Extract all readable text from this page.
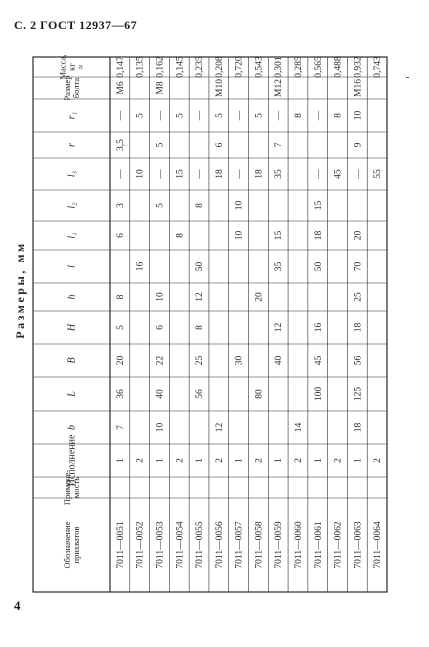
С. 2 ГОСТ 12937—67
-
4
Размеры, мм
Обозначениеприхватов
Примене-мость
Исполнение
b
L
B
H
h
l
l₁
l₂
l₃
r
r₁
Размерболта
Масса,кг≈
7011—0051
1
7
36
20
5
8
6
3
—
3,5
—
М6
0,147
7011—0052
2
16
10
5
0,135
7011—0053
1
10
40
22
6
10
5
—
5
—
М8
0,162
7011—0054
2
8
15
5
0,145
7011—0055
1
56
25
8
12
50
8
—
—
0,235
7011—0056
2
12
18
6
5
М10
0,208
7011—0057
1
30
10
10
—
—
0,720
7011—0058
2
80
20
18
5
0,543
7011—0059
1
40
12
35
15
35
7
—
М12
0,301
7011—0060
2
14
8
0,285
7011—0061
1
100
45
16
50
18
15
—
—
0,565
7011—0062
2
45
8
0,488
7011—0063
1
18
125
56
18
25
70
20
—
9
10
М16
0,932
7011—0064
2
55
0,743
